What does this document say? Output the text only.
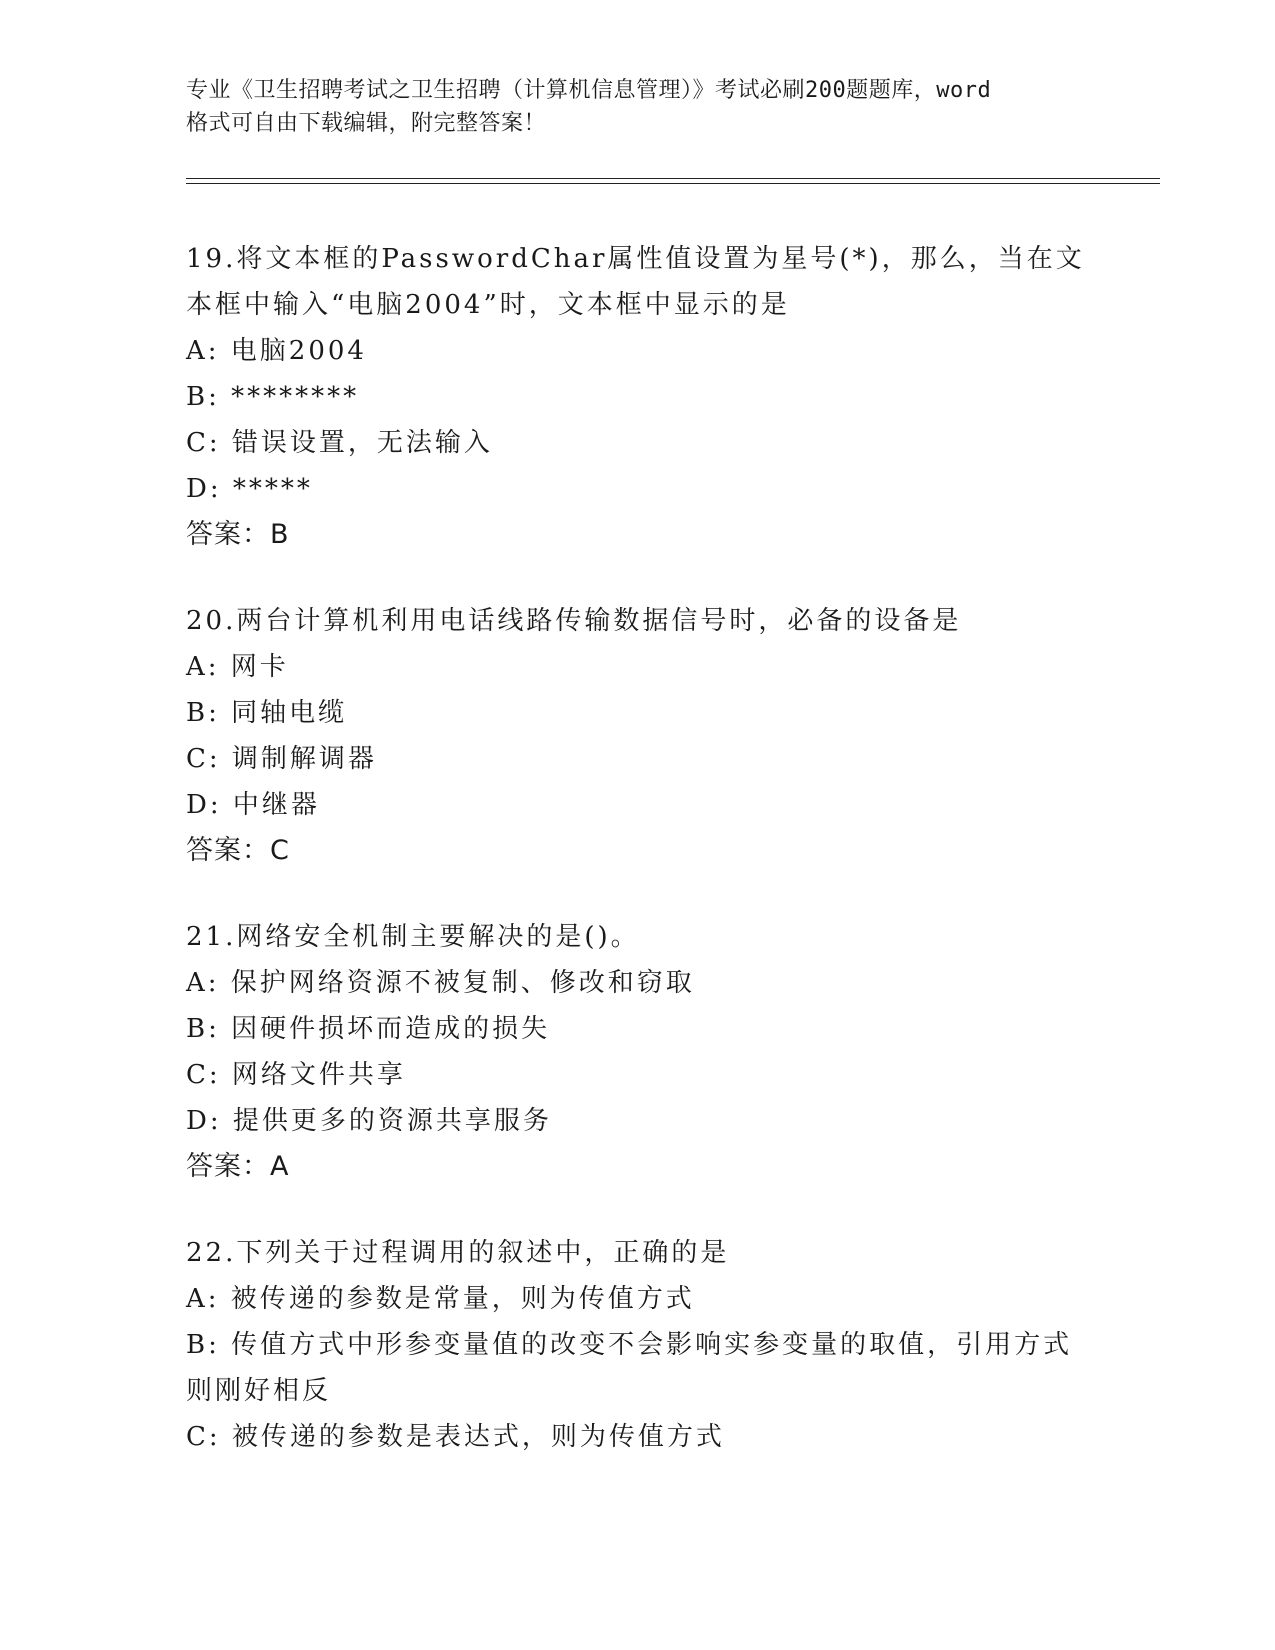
专业《卫生招聘考试之卫生招聘（计算机信息管理）》考试必刷200题题库，word
格式可自由下载编辑，附完整答案！
19.将文本框的PasswordChar属性值设置为星号(*)，那么，当在文本框中输入“电脑2004”时，文本框中显示的是
A: 电脑2004
B: ********
C: 错误设置，无法输入
D: *****
答案：B
20.两台计算机利用电话线路传输数据信号时，必备的设备是
A: 网卡
B: 同轴电缆
C: 调制解调器
D: 中继器
答案：C
21.网络安全机制主要解决的是()。
A: 保护网络资源不被复制、修改和窃取
B: 因硬件损坏而造成的损失
C: 网络文件共享
D: 提供更多的资源共享服务
答案：A
22.下列关于过程调用的叙述中，正确的是
A: 被传递的参数是常量，则为传值方式
B: 传值方式中形参变量值的改变不会影响实参变量的取值，引用方式则刚好相反
C: 被传递的参数是表达式，则为传值方式
